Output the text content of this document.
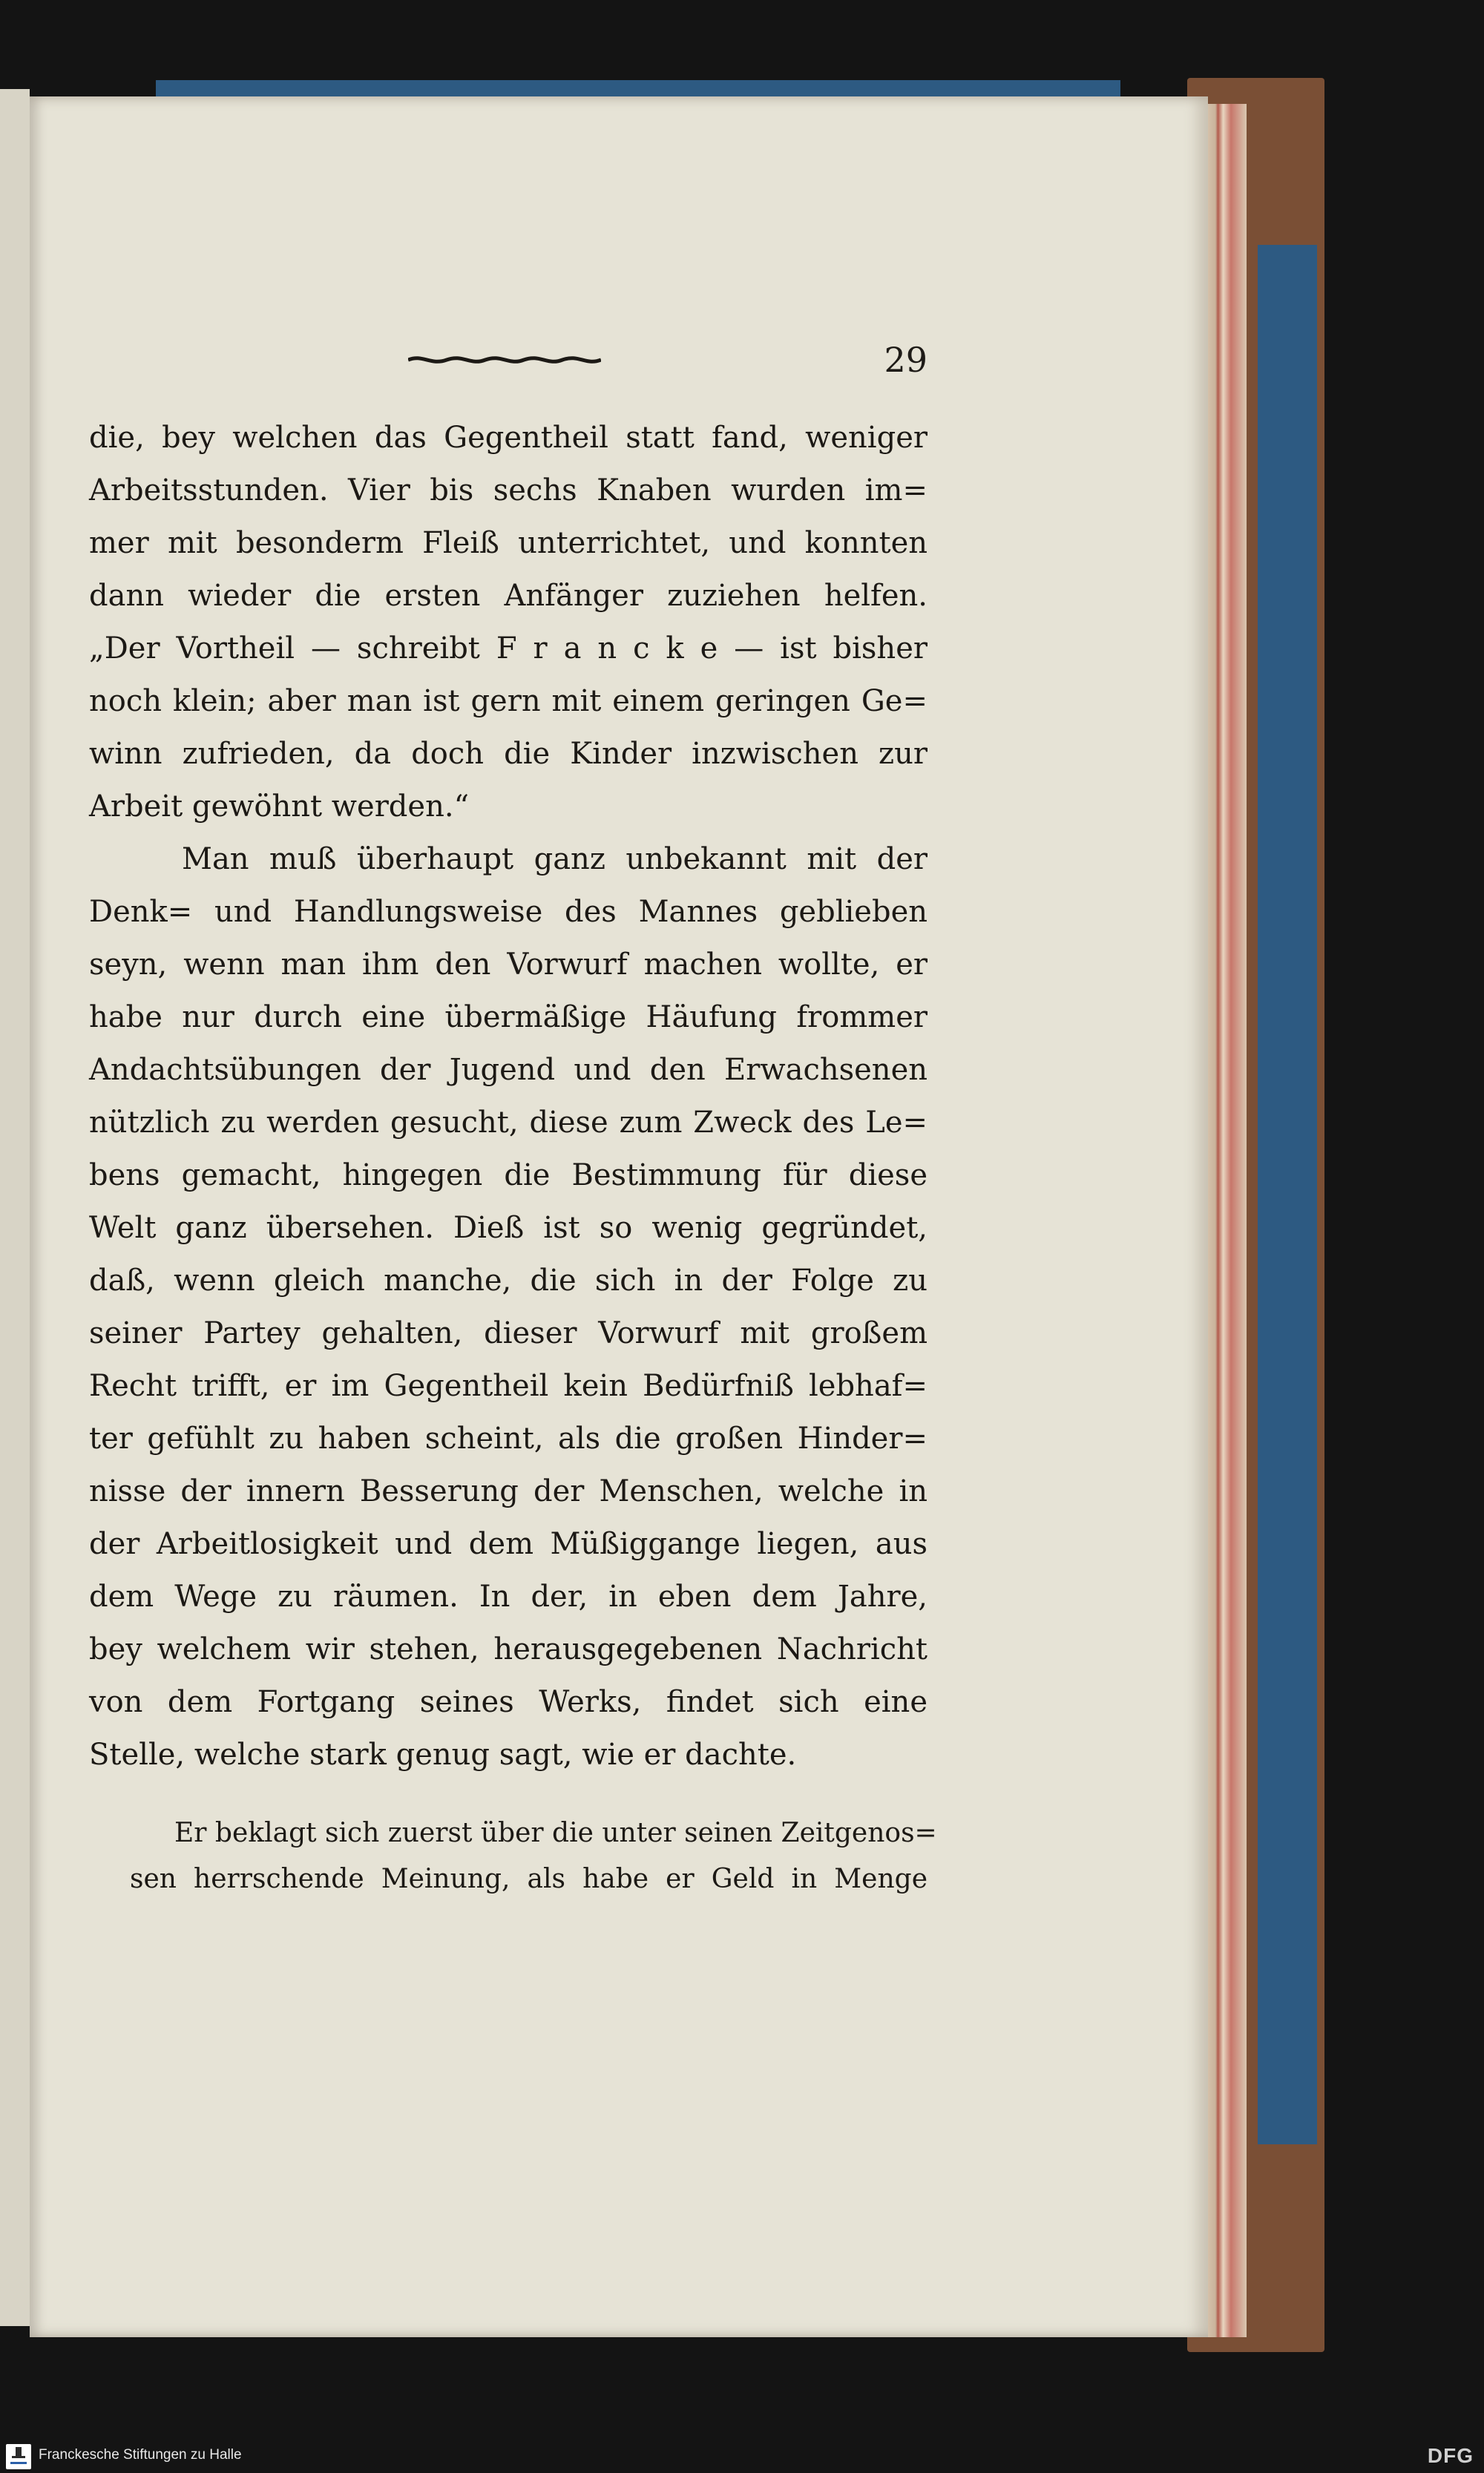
29
die, bey welchen das Gegentheil statt fand, weniger
Arbeitsstunden. Vier bis sechs Knaben wurden im=
mer mit besonderm Fleiß unterrichtet, und konnten
dann wieder die ersten Anfänger zuziehen helfen.
„Der Vortheil — schreibt F r a n c k e — ist bisher
noch klein; aber man ist gern mit einem geringen Ge=
winn zufrieden, da doch die Kinder inzwischen zur
Arbeit gewöhnt werden.“
Man muß überhaupt ganz unbekannt mit der
Denk= und Handlungsweise des Mannes geblieben
seyn, wenn man ihm den Vorwurf machen wollte, er
habe nur durch eine übermäßige Häufung frommer
Andachtsübungen der Jugend und den Erwachsenen
nützlich zu werden gesucht, diese zum Zweck des Le=
bens gemacht, hingegen die Bestimmung für diese
Welt ganz übersehen. Dieß ist so wenig gegründet,
daß, wenn gleich manche, die sich in der Folge zu
seiner Partey gehalten, dieser Vorwurf mit großem
Recht trifft, er im Gegentheil kein Bedürfniß lebhaf=
ter gefühlt zu haben scheint, als die großen Hinder=
nisse der innern Besserung der Menschen, welche in
der Arbeitlosigkeit und dem Müßiggange liegen, aus
dem Wege zu räumen. In der, in eben dem Jahre,
bey welchem wir stehen, herausgegebenen Nachricht
von dem Fortgang seines Werks, findet sich eine
Stelle, welche stark genug sagt, wie er dachte.
Er beklagt sich zuerst über die unter seinen Zeitgenos=
sen herrschende Meinung, als habe er Geld in Menge
Franckesche Stiftungen zu Halle	DFG
